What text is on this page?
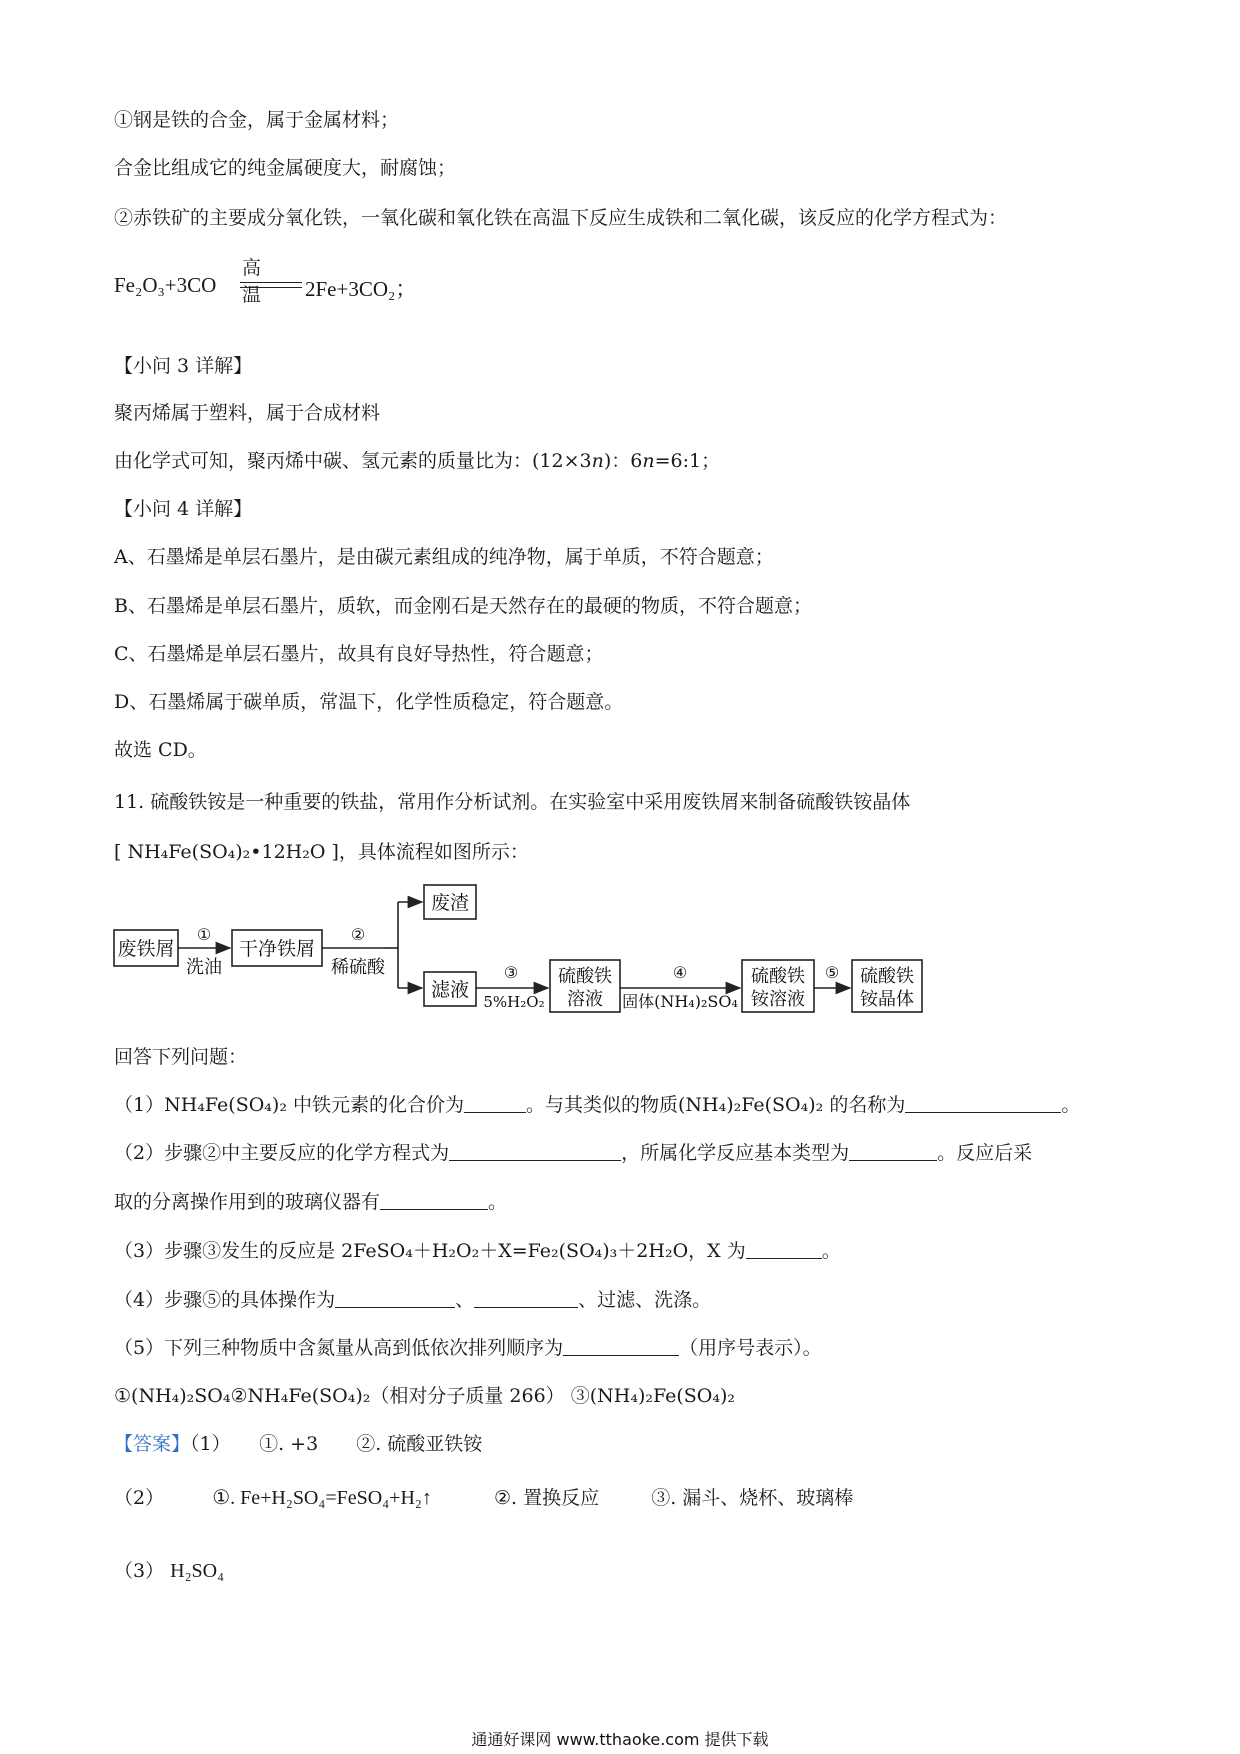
①钢是铁的合金，属于金属材料；
合金比组成它的纯金属硬度大，耐腐蚀；
②赤铁矿的主要成分氧化铁，一氧化碳和氧化铁在高温下反应生成铁和二氧化碳，该反应的化学方程式为：
Fe₂O₃+3CO
高温 2Fe+3CO₂；
【小问 3 详解】
聚丙烯属于塑料，属于合成材料
由化学式可知，聚丙烯中碳、氢元素的质量比为：(12×3n)：6n=6:1；
【小问 4 详解】
A、石墨烯是单层石墨片，是由碳元素组成的纯净物，属于单质，不符合题意；
B、石墨烯是单层石墨片，质软，而金刚石是天然存在的最硬的物质，不符合题意；
C、石墨烯是单层石墨片，故具有良好导热性，符合题意；
D、石墨烯属于碳单质，常温下，化学性质稳定，符合题意。
故选 CD。
11. 硫酸铁铵是一种重要的铁盐，常用作分析试剂。在实验室中采用废铁屑来制备硫酸铁铵晶体
[ NH₄Fe(SO₄)₂•12H₂O ]，具体流程如图所示：
废铁屑
①
洗油
干净铁屑
②
稀硫酸
废渣
滤液
③
5%H₂O₂
硫酸铁
溶液
④
固体(NH₄)₂SO₄
硫酸铁
铵溶液
⑤ 硫酸铁
铵晶体
回答下列问题：
（1）NH₄Fe(SO₄)₂ 中铁元素的化合价为	。与其类似的物质(NH₄)₂Fe(SO₄)₂ 的名称为	。
（2）步骤②中主要反应的化学方程式为	，所属化学反应基本类型为	。反应后采
取的分离操作用到的玻璃仪器有	。
（3）步骤③发生的反应是 2FeSO₄＋H₂O₂＋X=Fe₂(SO₄)₃＋2H₂O，X 为	。
（4）步骤⑤的具体操作为	、	、过滤、洗涤。
（5）下列三种物质中含氮量从高到低依次排列顺序为	（用序号表示）。
①(NH₄)₂SO₄②NH₄Fe(SO₄)₂（相对分子质量 266） ③(NH₄)₂Fe(SO₄)₂
【答案】（1）　　①. +3　　②. 硫酸亚铁铵
（2） ①. Fe+H₂SO₄=FeSO₄+H₂↑	②. 置换反应	③. 漏斗、烧杯、玻璃棒
（3） H₂SO₄
通通好课网 www.tthaoke.com 提供下载
